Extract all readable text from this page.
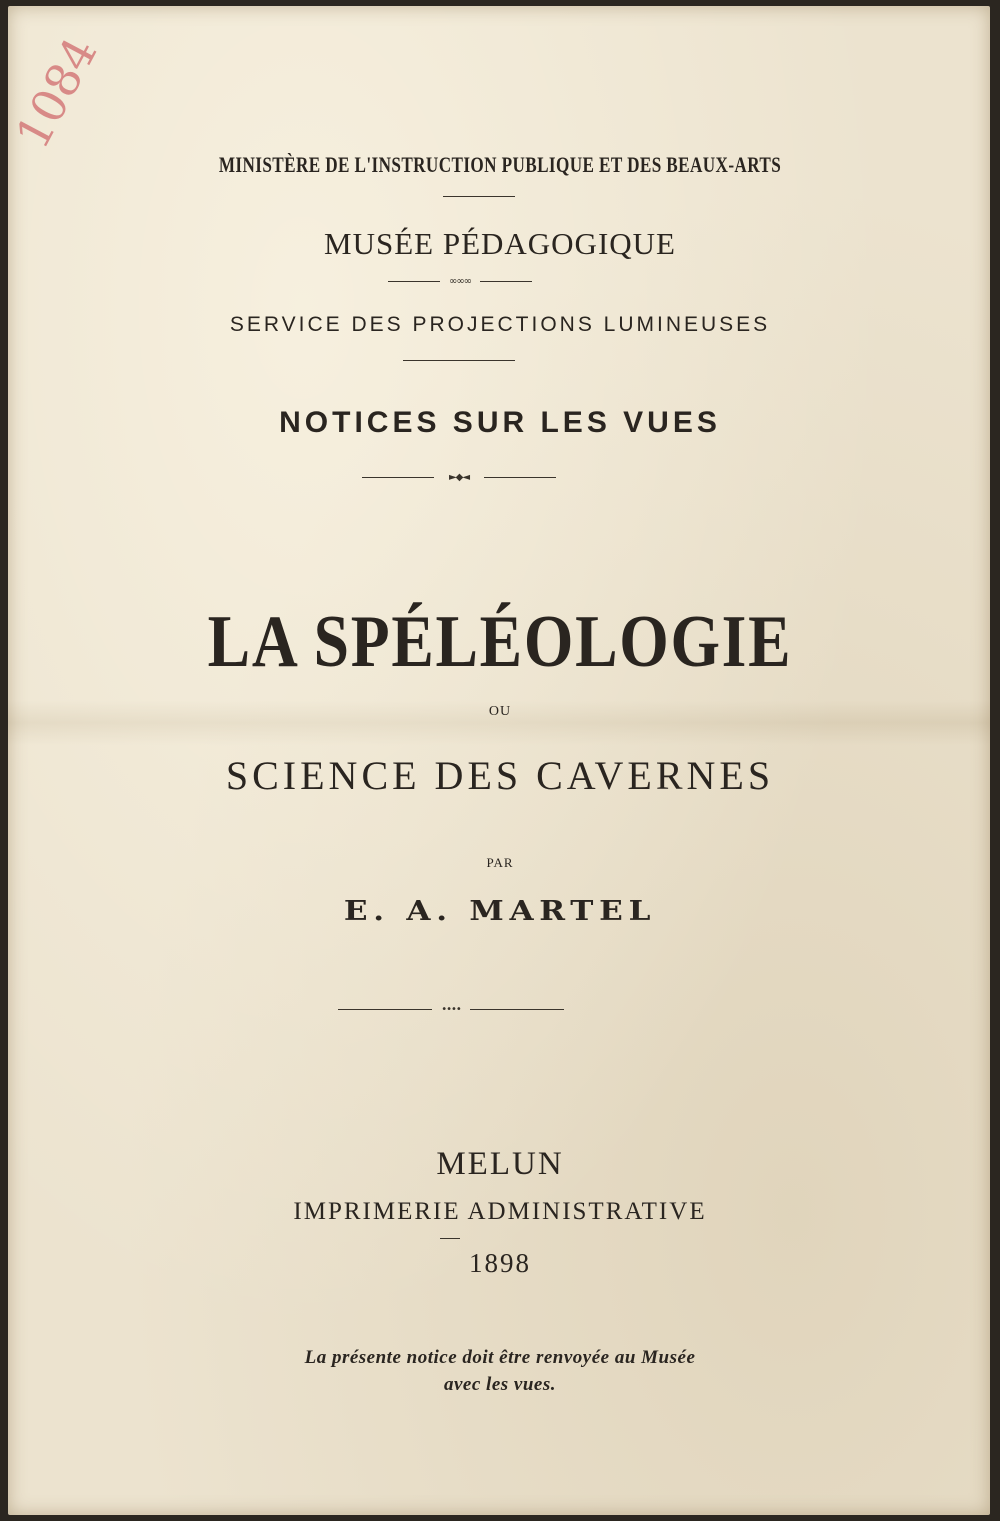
1084
MINISTÈRE DE L'INSTRUCTION PUBLIQUE ET DES BEAUX-ARTS
MUSÉE PÉDAGOGIQUE
∞∞∞
SERVICE DES PROJECTIONS LUMINEUSES
NOTICES SUR LES VUES
►◆◄
LA SPÉLÉOLOGIE
OU
SCIENCE DES CAVERNES
PAR
E. A. MARTEL
••••
MELUN
IMPRIMERIE ADMINISTRATIVE
1898
La présente notice doit être renvoyée au Musée
avec les vues.
